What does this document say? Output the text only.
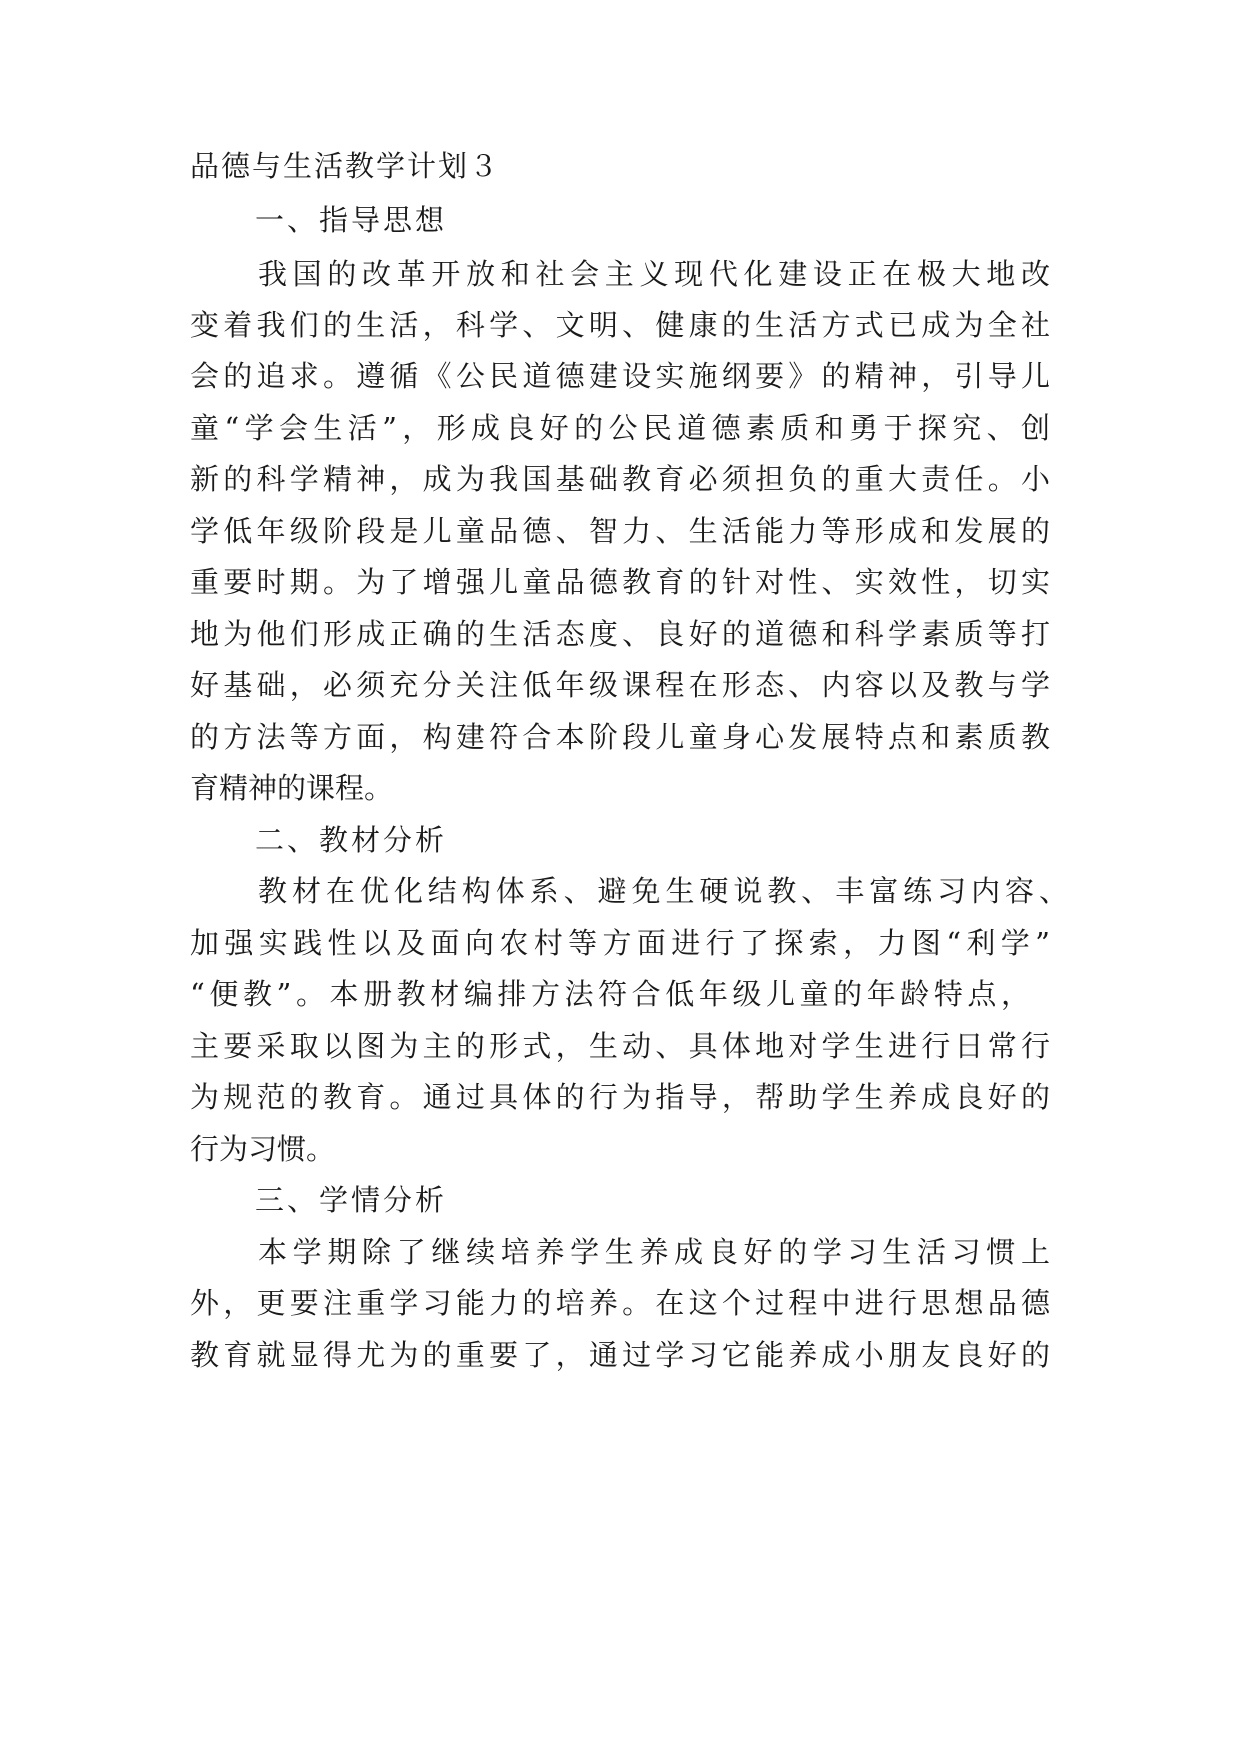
品德与生活教学计划３
一、指导思想
我国的改革开放和社会主义现代化建设正在极大地改
变着我们的生活，科学、文明、健康的生活方式已成为全社
会的追求。遵循《公民道德建设实施纲要》的精神，引导儿
童“学会生活”，形成良好的公民道德素质和勇于探究、创
新的科学精神，成为我国基础教育必须担负的重大责任。小
学低年级阶段是儿童品德、智力、生活能力等形成和发展的
重要时期。为了增强儿童品德教育的针对性、实效性，切实
地为他们形成正确的生活态度、良好的道德和科学素质等打
好基础，必须充分关注低年级课程在形态、内容以及教与学
的方法等方面，构建符合本阶段儿童身心发展特点和素质教
育精神的课程。
二、教材分析
教材在优化结构体系、避免生硬说教、丰富练习内容、
加强实践性以及面向农村等方面进行了探索，力图“利学”
“便教”。本册教材编排方法符合低年级儿童的年龄特点，
主要采取以图为主的形式，生动、具体地对学生进行日常行
为规范的教育。通过具体的行为指导，帮助学生养成良好的
行为习惯。
三、学情分析
本学期除了继续培养学生养成良好的学习生活习惯上
外，更要注重学习能力的培养。在这个过程中进行思想品德
教育就显得尤为的重要了，通过学习它能养成小朋友良好的
